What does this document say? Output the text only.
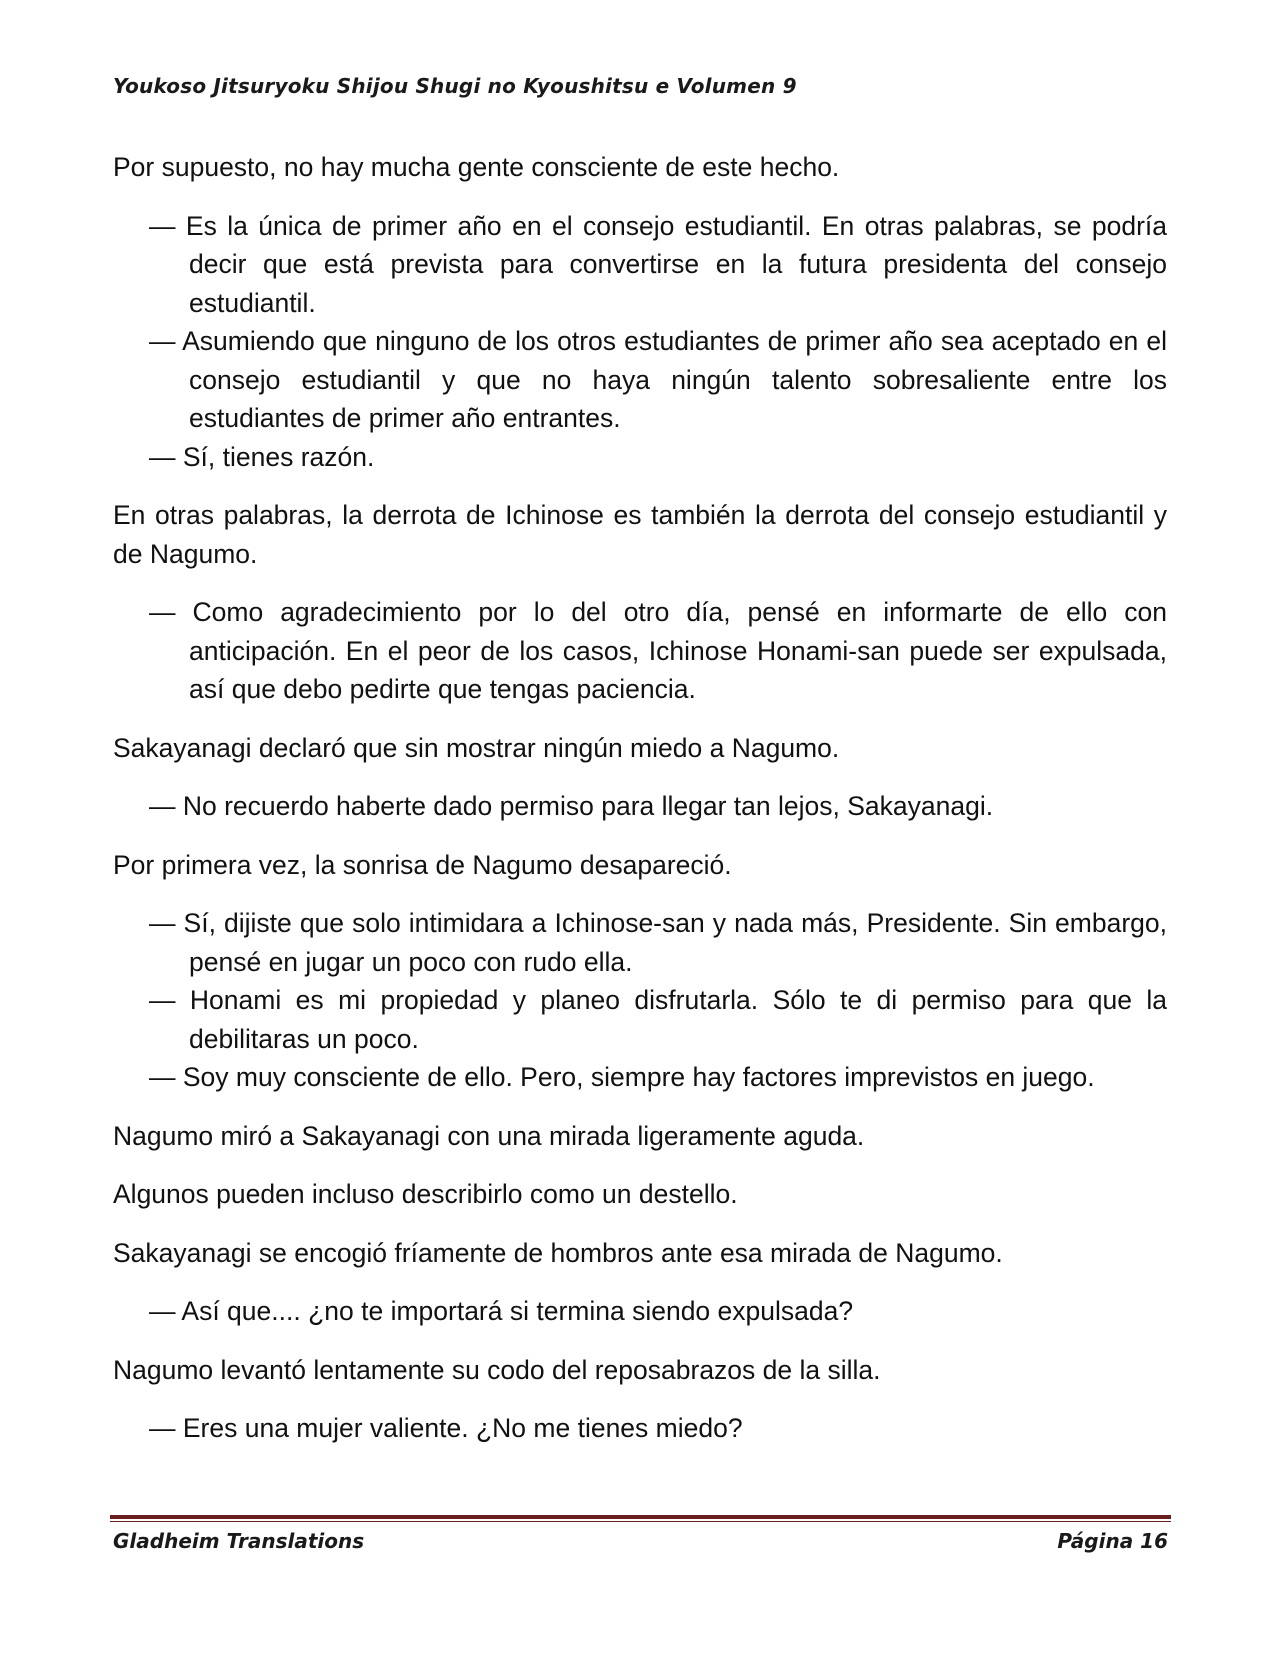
Youkoso Jitsuryoku Shijou Shugi no Kyoushitsu e Volumen 9

Por supuesto, no hay mucha gente consciente de este hecho.

— Es la única de primer año en el consejo estudiantil. En otras palabras, se podría decir que está prevista para convertirse en la futura presidenta del consejo estudiantil.

— Asumiendo que ninguno de los otros estudiantes de primer año sea aceptado en el consejo estudiantil y que no haya ningún talento sobresaliente entre los estudiantes de primer año entrantes.

— Sí, tienes razón.

En otras palabras, la derrota de Ichinose es también la derrota del consejo estudiantil y de Nagumo.

— Como agradecimiento por lo del otro día, pensé en informarte de ello con anticipación. En el peor de los casos, Ichinose Honami-san puede ser expulsada, así que debo pedirte que tengas paciencia.

Sakayanagi declaró que sin mostrar ningún miedo a Nagumo.

— No recuerdo haberte dado permiso para llegar tan lejos, Sakayanagi.

Por primera vez, la sonrisa de Nagumo desapareció.

— Sí, dijiste que solo intimidara a Ichinose-san y nada más, Presidente. Sin embargo, pensé en jugar un poco con rudo ella.

— Honami es mi propiedad y planeo disfrutarla. Sólo te di permiso para que la debilitaras un poco.

— Soy muy consciente de ello. Pero, siempre hay factores imprevistos en juego.

Nagumo miró a Sakayanagi con una mirada ligeramente aguda.

Algunos pueden incluso describirlo como un destello.

Sakayanagi se encogió fríamente de hombros ante esa mirada de Nagumo.

— Así que.... ¿no te importará si termina siendo expulsada?

Nagumo levantó lentamente su codo del reposabrazos de la silla.

— Eres una mujer valiente. ¿No me tienes miedo?

Gladheim Translations	Página 16
